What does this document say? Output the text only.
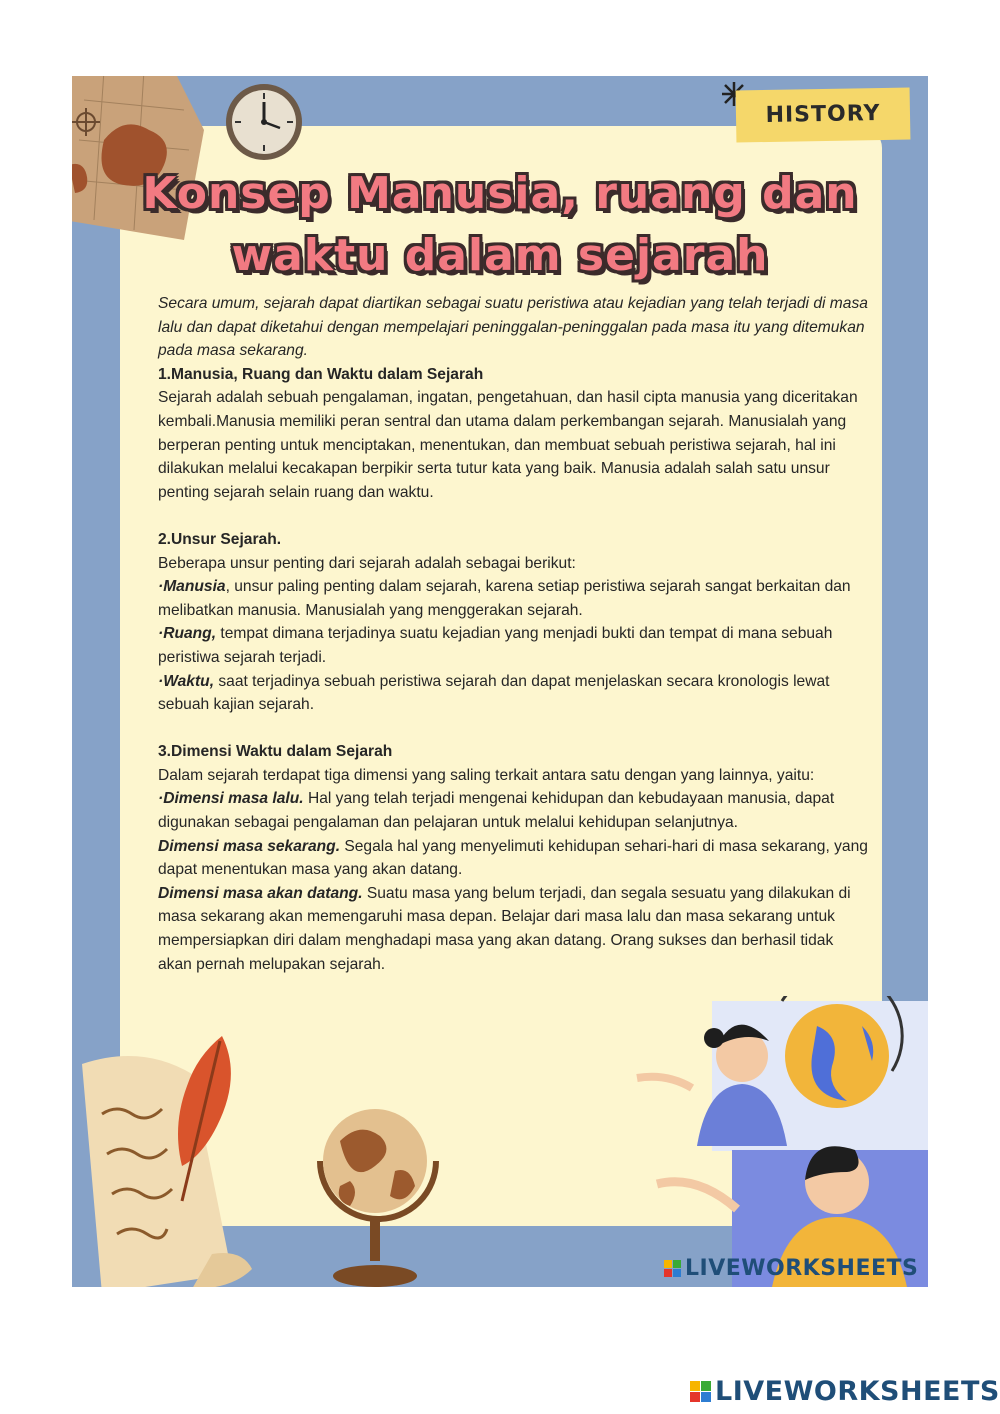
HISTORY
Konsep Manusia, ruang dan
waktu dalam sejarah

Secara umum, sejarah dapat diartikan sebagai suatu peristiwa atau kejadian yang telah terjadi di masa lalu dan dapat diketahui dengan mempelajari peninggalan-peninggalan pada masa itu yang ditemukan pada masa sekarang.

1.Manusia, Ruang dan Waktu dalam Sejarah

Sejarah adalah sebuah pengalaman, ingatan, pengetahuan, dan hasil cipta manusia yang diceritakan kembali.Manusia memiliki peran sentral dan utama dalam perkembangan sejarah. Manusialah yang berperan penting untuk menciptakan, menentukan, dan membuat sebuah peristiwa sejarah, hal ini dilakukan melalui kecakapan berpikir serta tutur kata yang baik. Manusia adalah salah satu unsur penting sejarah selain ruang dan waktu.

2.Unsur Sejarah.

Beberapa unsur penting dari sejarah adalah sebagai berikut:

·Manusia, unsur paling penting dalam sejarah, karena setiap peristiwa sejarah sangat berkaitan dan melibatkan manusia. Manusialah yang menggerakan sejarah.

·Ruang, tempat dimana terjadinya suatu kejadian yang menjadi bukti dan tempat di mana sebuah peristiwa sejarah terjadi.

·Waktu, saat terjadinya sebuah peristiwa sejarah dan dapat menjelaskan secara kronologis lewat sebuah kajian sejarah.

3.Dimensi Waktu dalam Sejarah

Dalam sejarah terdapat tiga dimensi yang saling terkait antara satu dengan yang lainnya, yaitu:

·Dimensi masa lalu. Hal yang telah terjadi mengenai kehidupan dan kebudayaan manusia, dapat digunakan sebagai pengalaman dan pelajaran untuk melalui kehidupan selanjutnya.

Dimensi masa sekarang. Segala hal yang menyelimuti kehidupan sehari-hari di masa sekarang, yang dapat menentukan masa yang akan datang.

Dimensi masa akan datang. Suatu masa yang belum terjadi, dan segala sesuatu yang dilakukan di masa sekarang akan memengaruhi masa depan. Belajar dari masa lalu dan masa sekarang untuk mempersiapkan diri dalam menghadapi masa yang akan datang. Orang sukses dan berhasil tidak akan pernah melupakan sejarah.

LIVEWORKSHEETS
LIVEWORKSHEETS
